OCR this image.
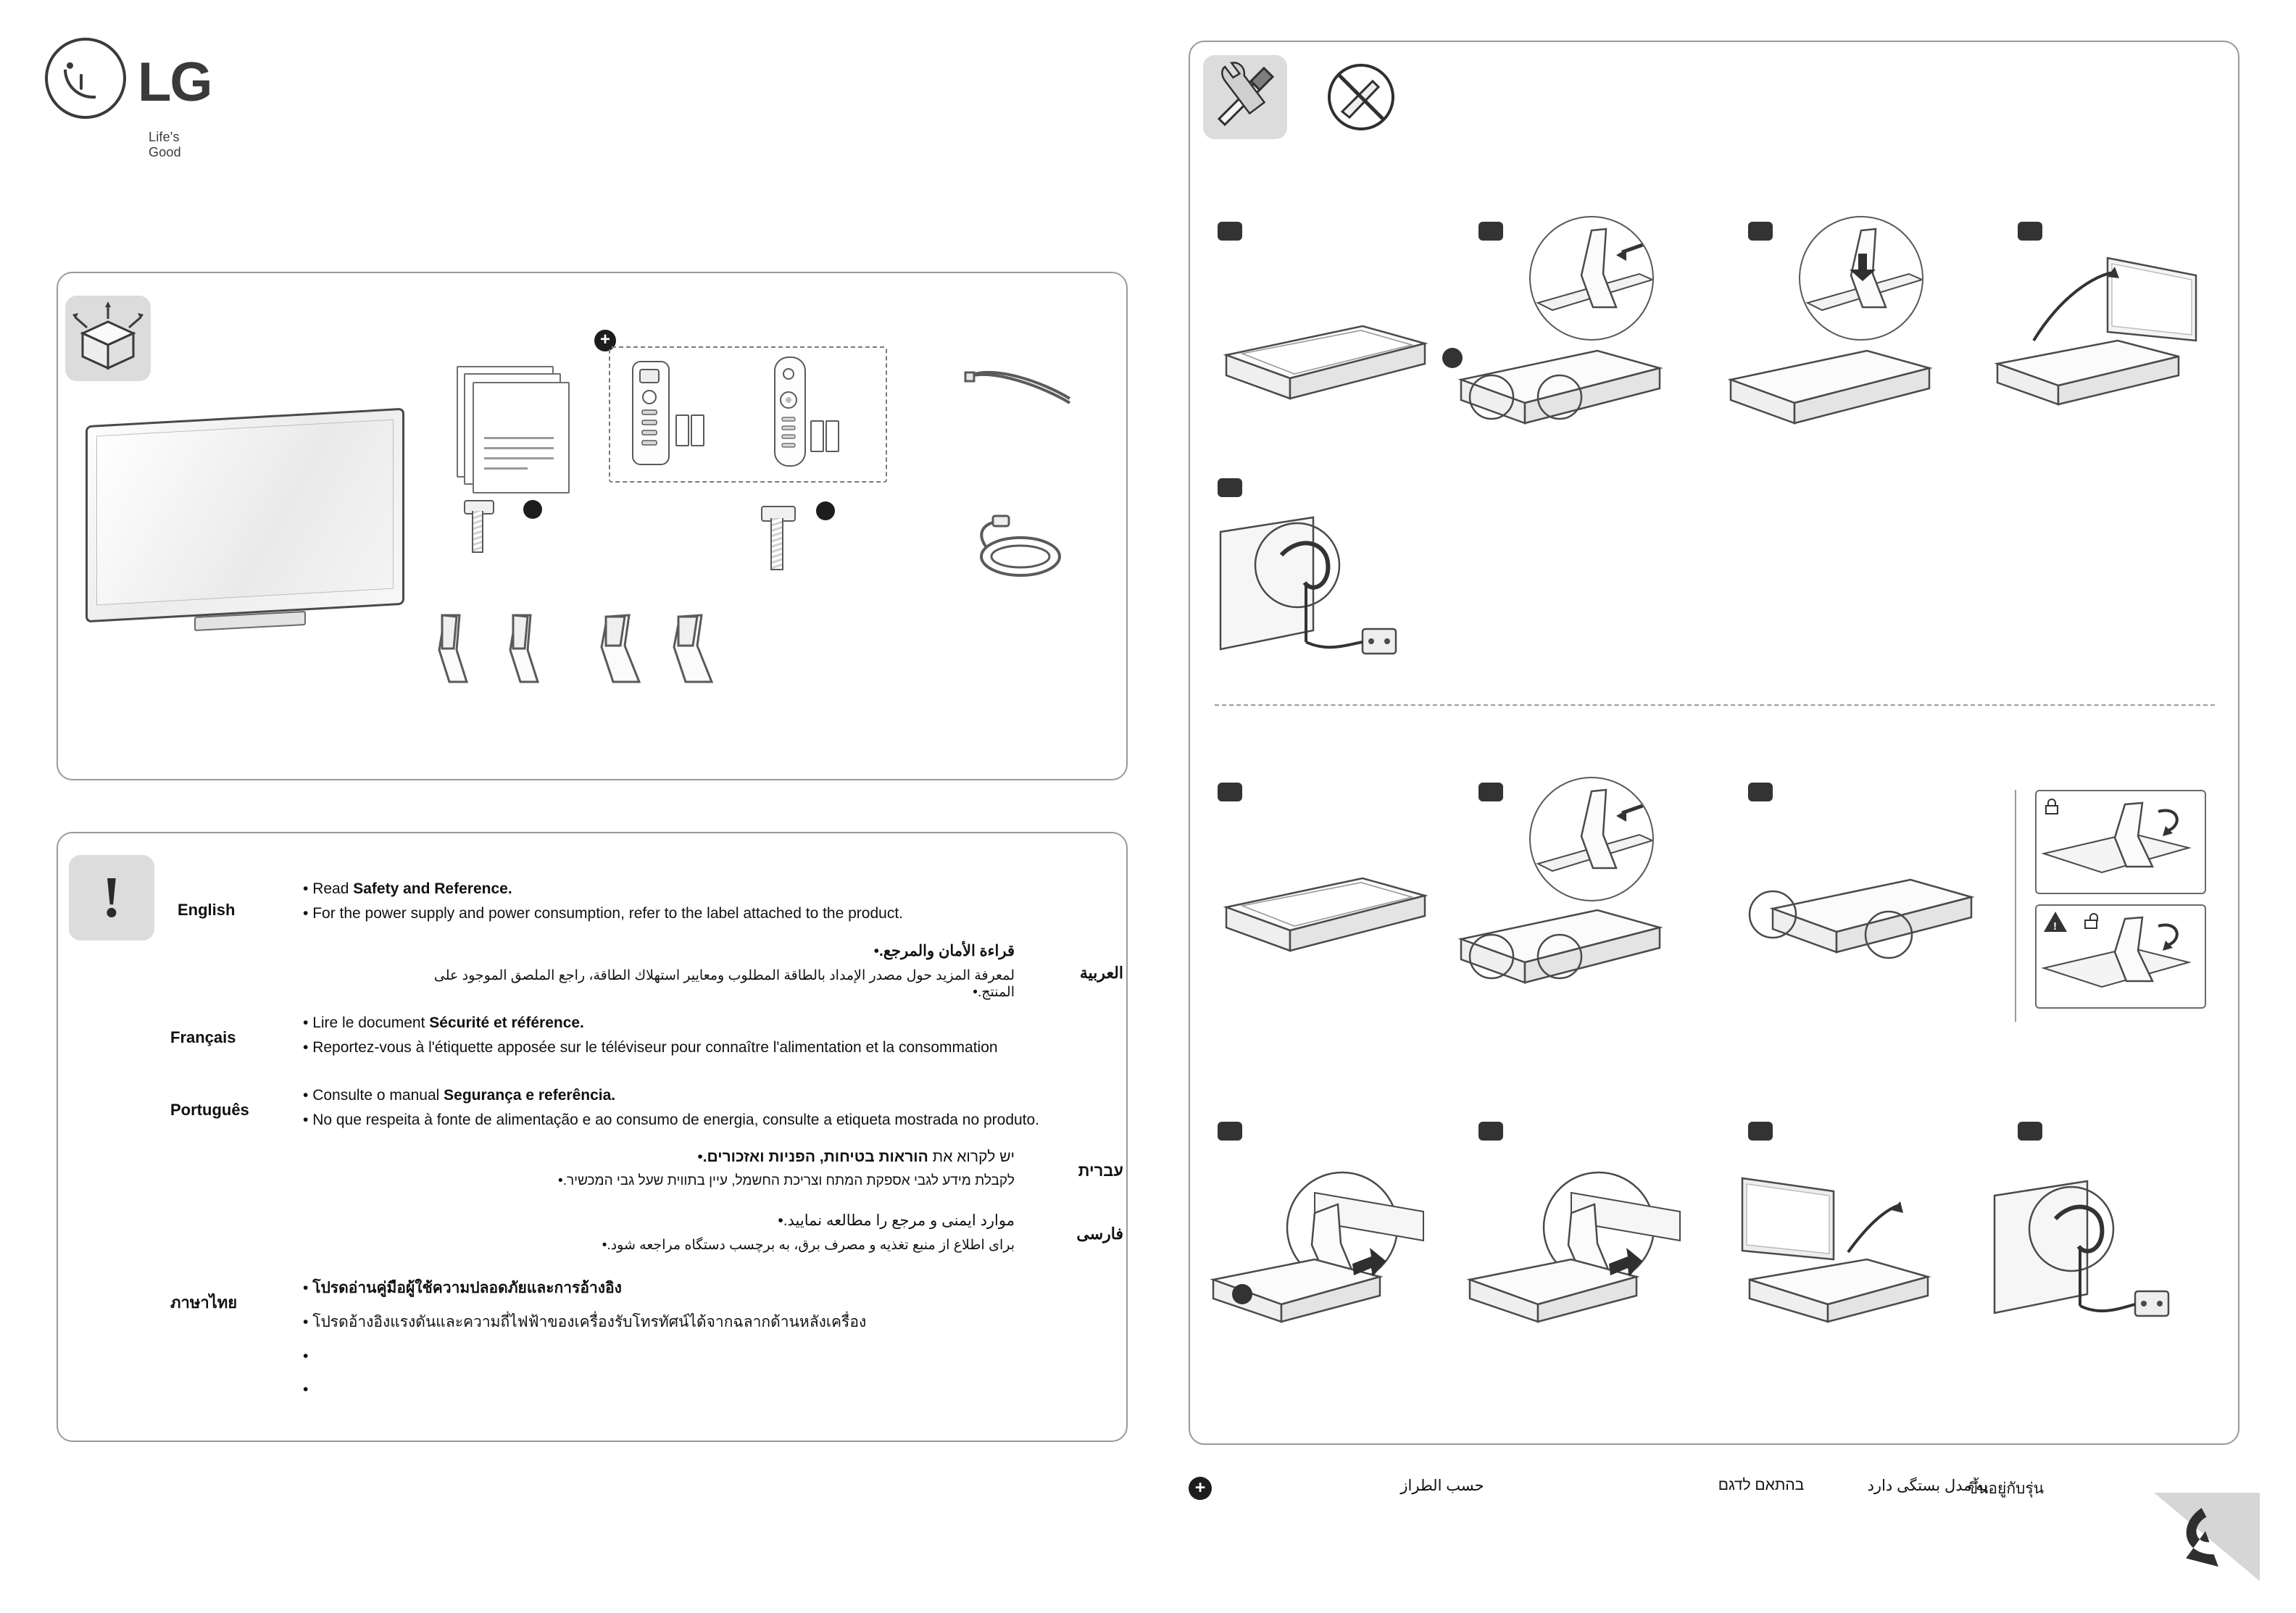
LG
Life's Good
+
!	English

• Read Safety and Reference.

• For the power supply and power consumption, refer to the label attached to the product.

العربية

قراءة الأمان والمرجع.•

لمعرفة المزيد حول مصدر الإمداد بالطاقة المطلوب ومعايير استهلاك الطاقة، راجع الملصق الموجود على المنتج.•

Français

• Lire le document Sécurité et référence.

• Reportez-vous à l'étiquette apposée sur le téléviseur pour connaître l'alimentation et la consommation

Português

• Consulte o manual Segurança e referência.

• No que respeita à fonte de alimentação e ao consumo de energia, consulte a etiqueta mostrada no produto.

עברית

יש לקרוא את הוראות בטיחות, הפניות ואזכורים.•

לקבלת מידע לגבי אספקת המתח וצריכת החשמל, עיין בתווית שעל גבי המכשיר.•

فارسی

موارد ایمنی و مرجع را مطالعه نمایید.•

برای اطلاع از منبع تغذیه و مصرف برق، به برچسب دستگاه مراجعه شود.•

ภาษาไทย

• โปรดอ่านคู่มือผู้ใช้ความปลอดภัยและการอ้างอิง

• โปรดอ้างอิงแรงดันและความถี่ไฟฟ้าของเครื่องรับโทรทัศน์ได้จากฉลากด้านหลังเครื่อง

•

•

!
+	حسب الطراز	בהתאם לדגם	به مدل بستگی دارد
ขึ้นอยู่กับรุ่น
